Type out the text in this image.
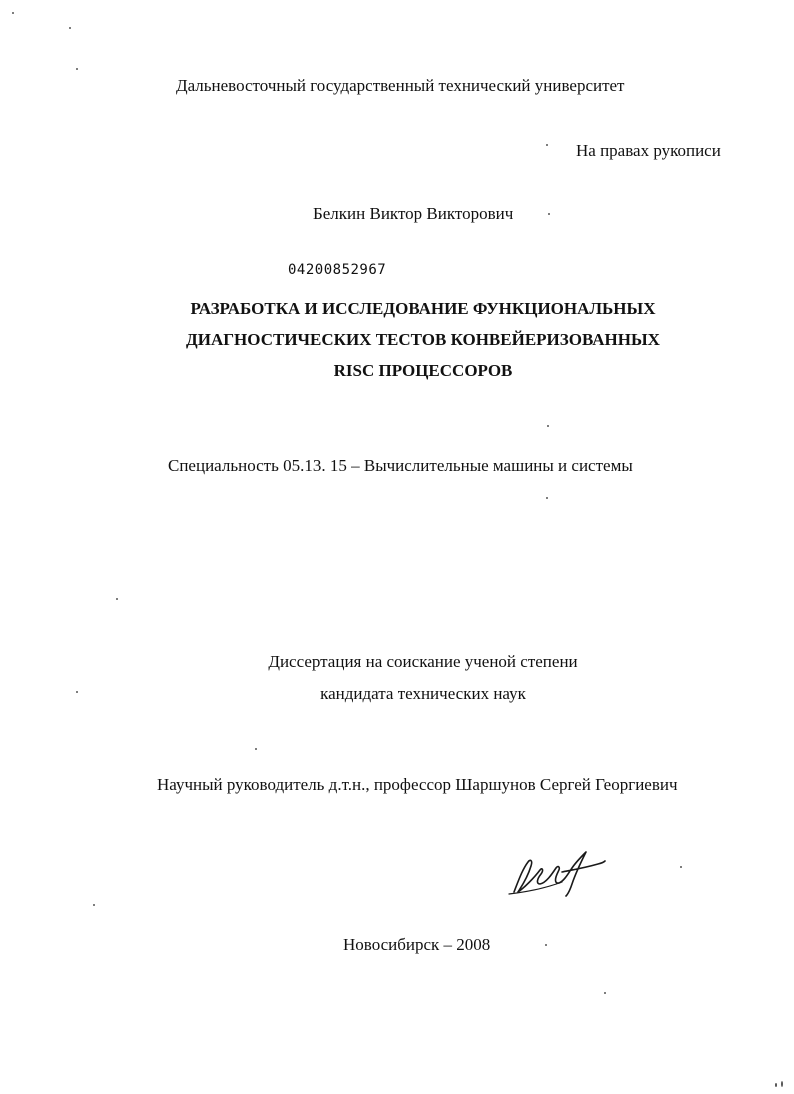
Дальневосточный государственный технический университет
На правах рукописи
Белкин Виктор Викторович
04200852967
РАЗРАБОТКА И ИССЛЕДОВАНИЕ ФУНКЦИОНАЛЬНЫХ
ДИАГНОСТИЧЕСКИХ ТЕСТОВ КОНВЕЙЕРИЗОВАННЫХ
RISC ПРОЦЕССОРОВ
Специальность 05.13. 15 – Вычислительные машины и системы
Диссертация на соискание ученой степени
кандидата технических наук
Научный руководитель д.т.н., профессор Шаршунов Сергей Георгиевич
Новосибирск – 2008
